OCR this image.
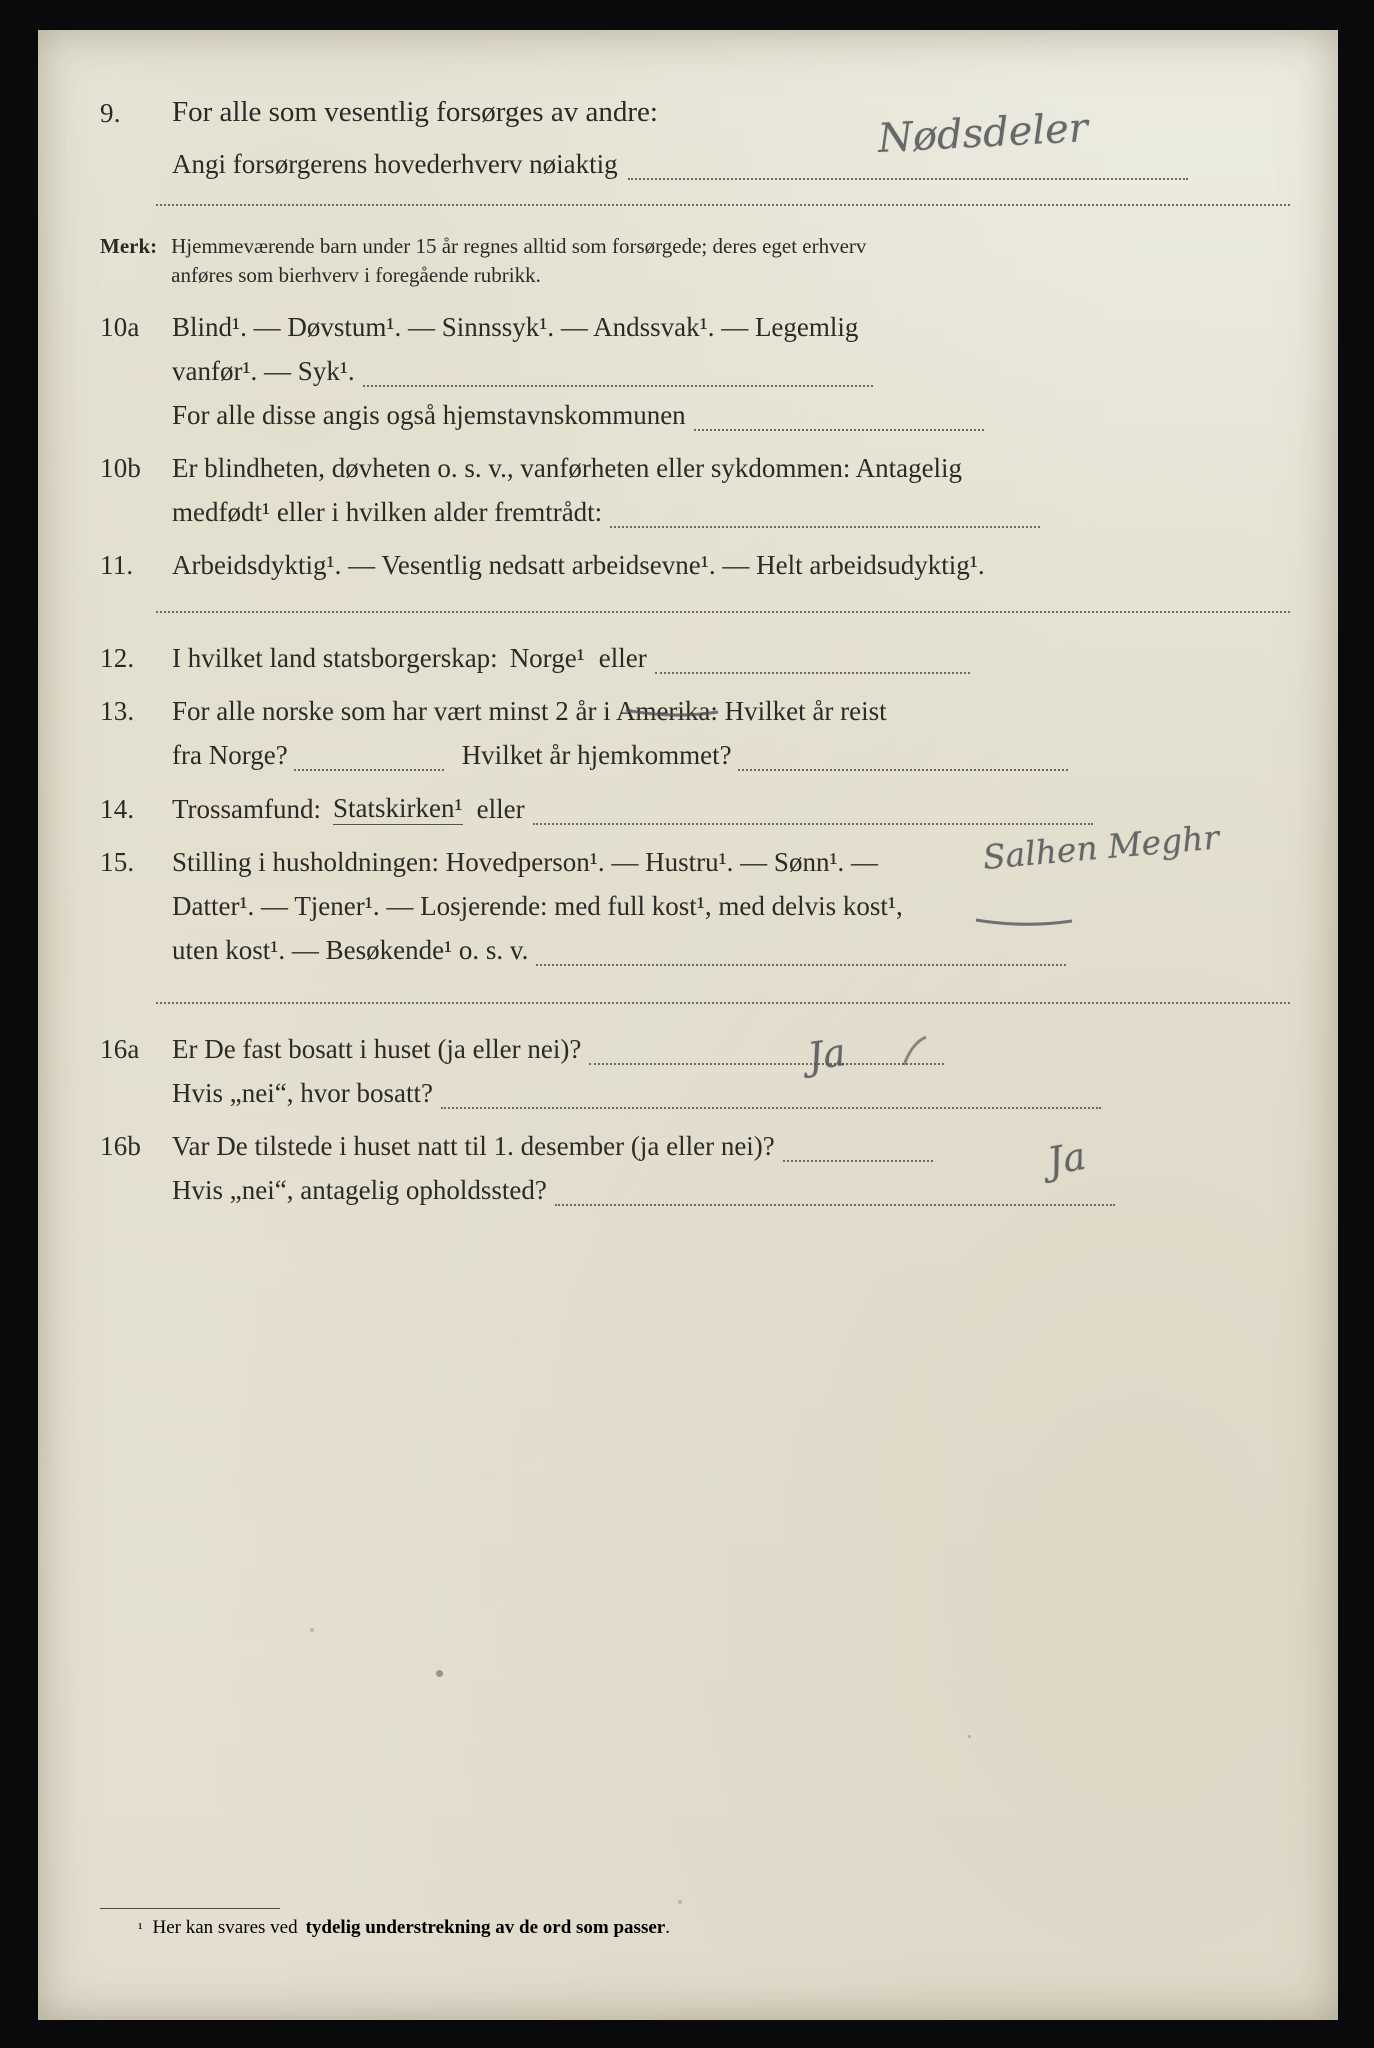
9.	For alle som vesentlig forsørges av andre:
Angi forsørgerens hovederhverv nøiaktig
Merk: Hjemmeværende barn under 15 år regnes alltid som forsørgede; deres eget erhverv
anføres som bierhverv i foregående rubrikk.
10a	Blind¹. — Døvstum¹. — Sinnssyk¹. — Andssvak¹. — Legemlig
vanfør¹. — Syk¹.
For alle disse angis også hjemstavnskommunen
10b	Er blindheten, døvheten o. s. v., vanførheten eller sykdommen: Antagelig
medfødt¹ eller i hvilken alder fremtrådt:
11.	Arbeidsdyktig¹. — Vesentlig nedsatt arbeidsevne¹. — Helt arbeidsudyktig¹.
12.	I hvilket land statsborgerskap: Norge¹ eller
13.	For alle norske som har vært minst 2 år i Amerika: Hvilket år reist
fra Norge?	Hvilket år hjemkommet?
14.	Trossamfund: Statskirken¹ eller
15.	Stilling i husholdningen: Hovedperson¹. — Hustru¹. — Sønn¹. —
Datter¹. — Tjener¹. — Losjerende: med full kost¹, med delvis kost¹,
uten kost¹. — Besøkende¹ o. s. v.
16a	Er De fast bosatt i huset (ja eller nei)?
Hvis „nei“, hvor bosatt?
16b	Var De tilstede i huset natt til 1. desember (ja eller nei)?
Hvis „nei“, antagelig opholdssted?
Nødsdeler
Salhen Meghr
Ja
Ja
¹ Her kan svares ved tydelig understrekning av de ord som passer .
